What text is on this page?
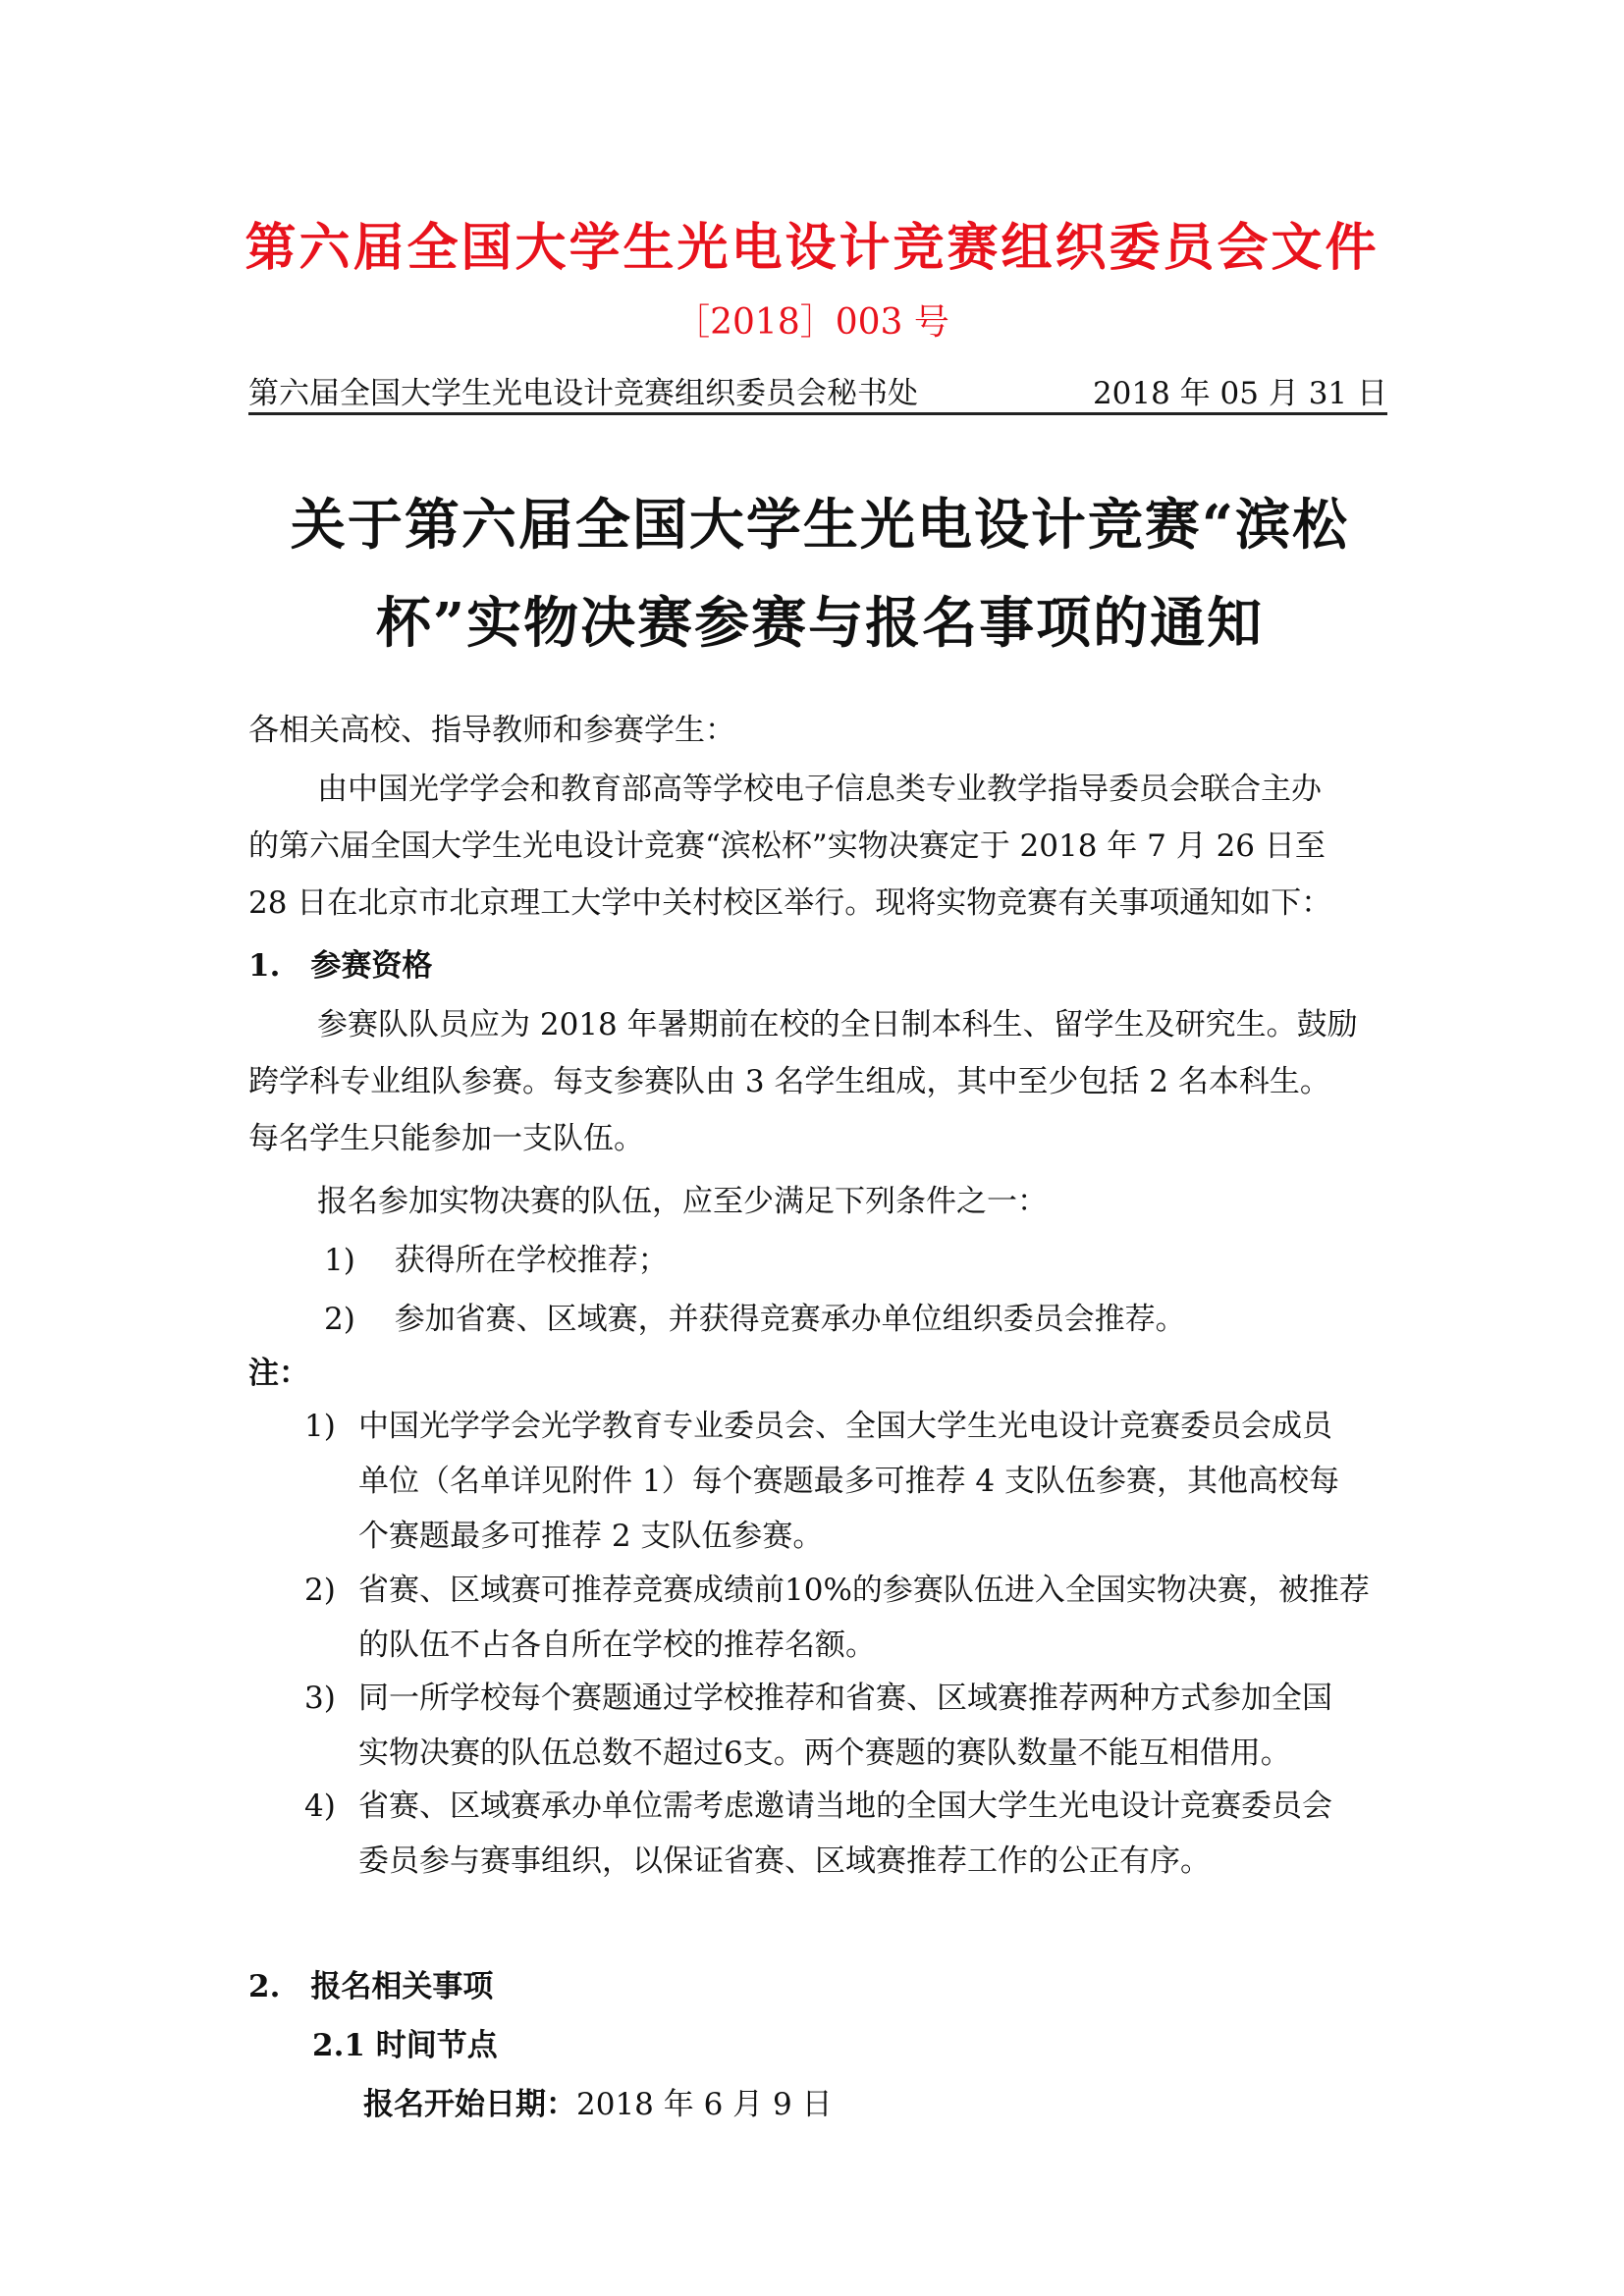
第六届全国大学生光电设计竞赛组织委员会文件
［2018］003 号
第六届全国大学生光电设计竞赛组织委员会秘书处	2018 年 05 月 31 日
关于第六届全国大学生光电设计竞赛“滨松
杯”实物决赛参赛与报名事项的通知
各相关高校、指导教师和参赛学生：
由中国光学学会和教育部高等学校电子信息类专业教学指导委员会联合主办
的第六届全国大学生光电设计竞赛“滨松杯”实物决赛定于 2018 年 7 月 26 日至
28 日在北京市北京理工大学中关村校区举行。现将实物竞赛有关事项通知如下：
1.　参赛资格
参赛队队员应为 2018 年暑期前在校的全日制本科生、留学生及研究生。鼓励
跨学科专业组队参赛。每支参赛队由 3 名学生组成，其中至少包括 2 名本科生。
每名学生只能参加一支队伍。
报名参加实物决赛的队伍，应至少满足下列条件之一：
1) 获得所在学校推荐；
2) 参加省赛、区域赛，并获得竞赛承办单位组织委员会推荐。
注：
1) 中国光学学会光学教育专业委员会、全国大学生光电设计竞赛委员会成员
单位（名单详见附件 1）每个赛题最多可推荐 4 支队伍参赛，其他高校每
个赛题最多可推荐 2 支队伍参赛。
2) 省赛、区域赛可推荐竞赛成绩前10%的参赛队伍进入全国实物决赛，被推荐
的队伍不占各自所在学校的推荐名额。
3) 同一所学校每个赛题通过学校推荐和省赛、区域赛推荐两种方式参加全国
实物决赛的队伍总数不超过6支。两个赛题的赛队数量不能互相借用。
4) 省赛、区域赛承办单位需考虑邀请当地的全国大学生光电设计竞赛委员会
委员参与赛事组织，以保证省赛、区域赛推荐工作的公正有序。
2.　报名相关事项
2.1 时间节点
报名开始日期：2018 年 6 月 9 日
